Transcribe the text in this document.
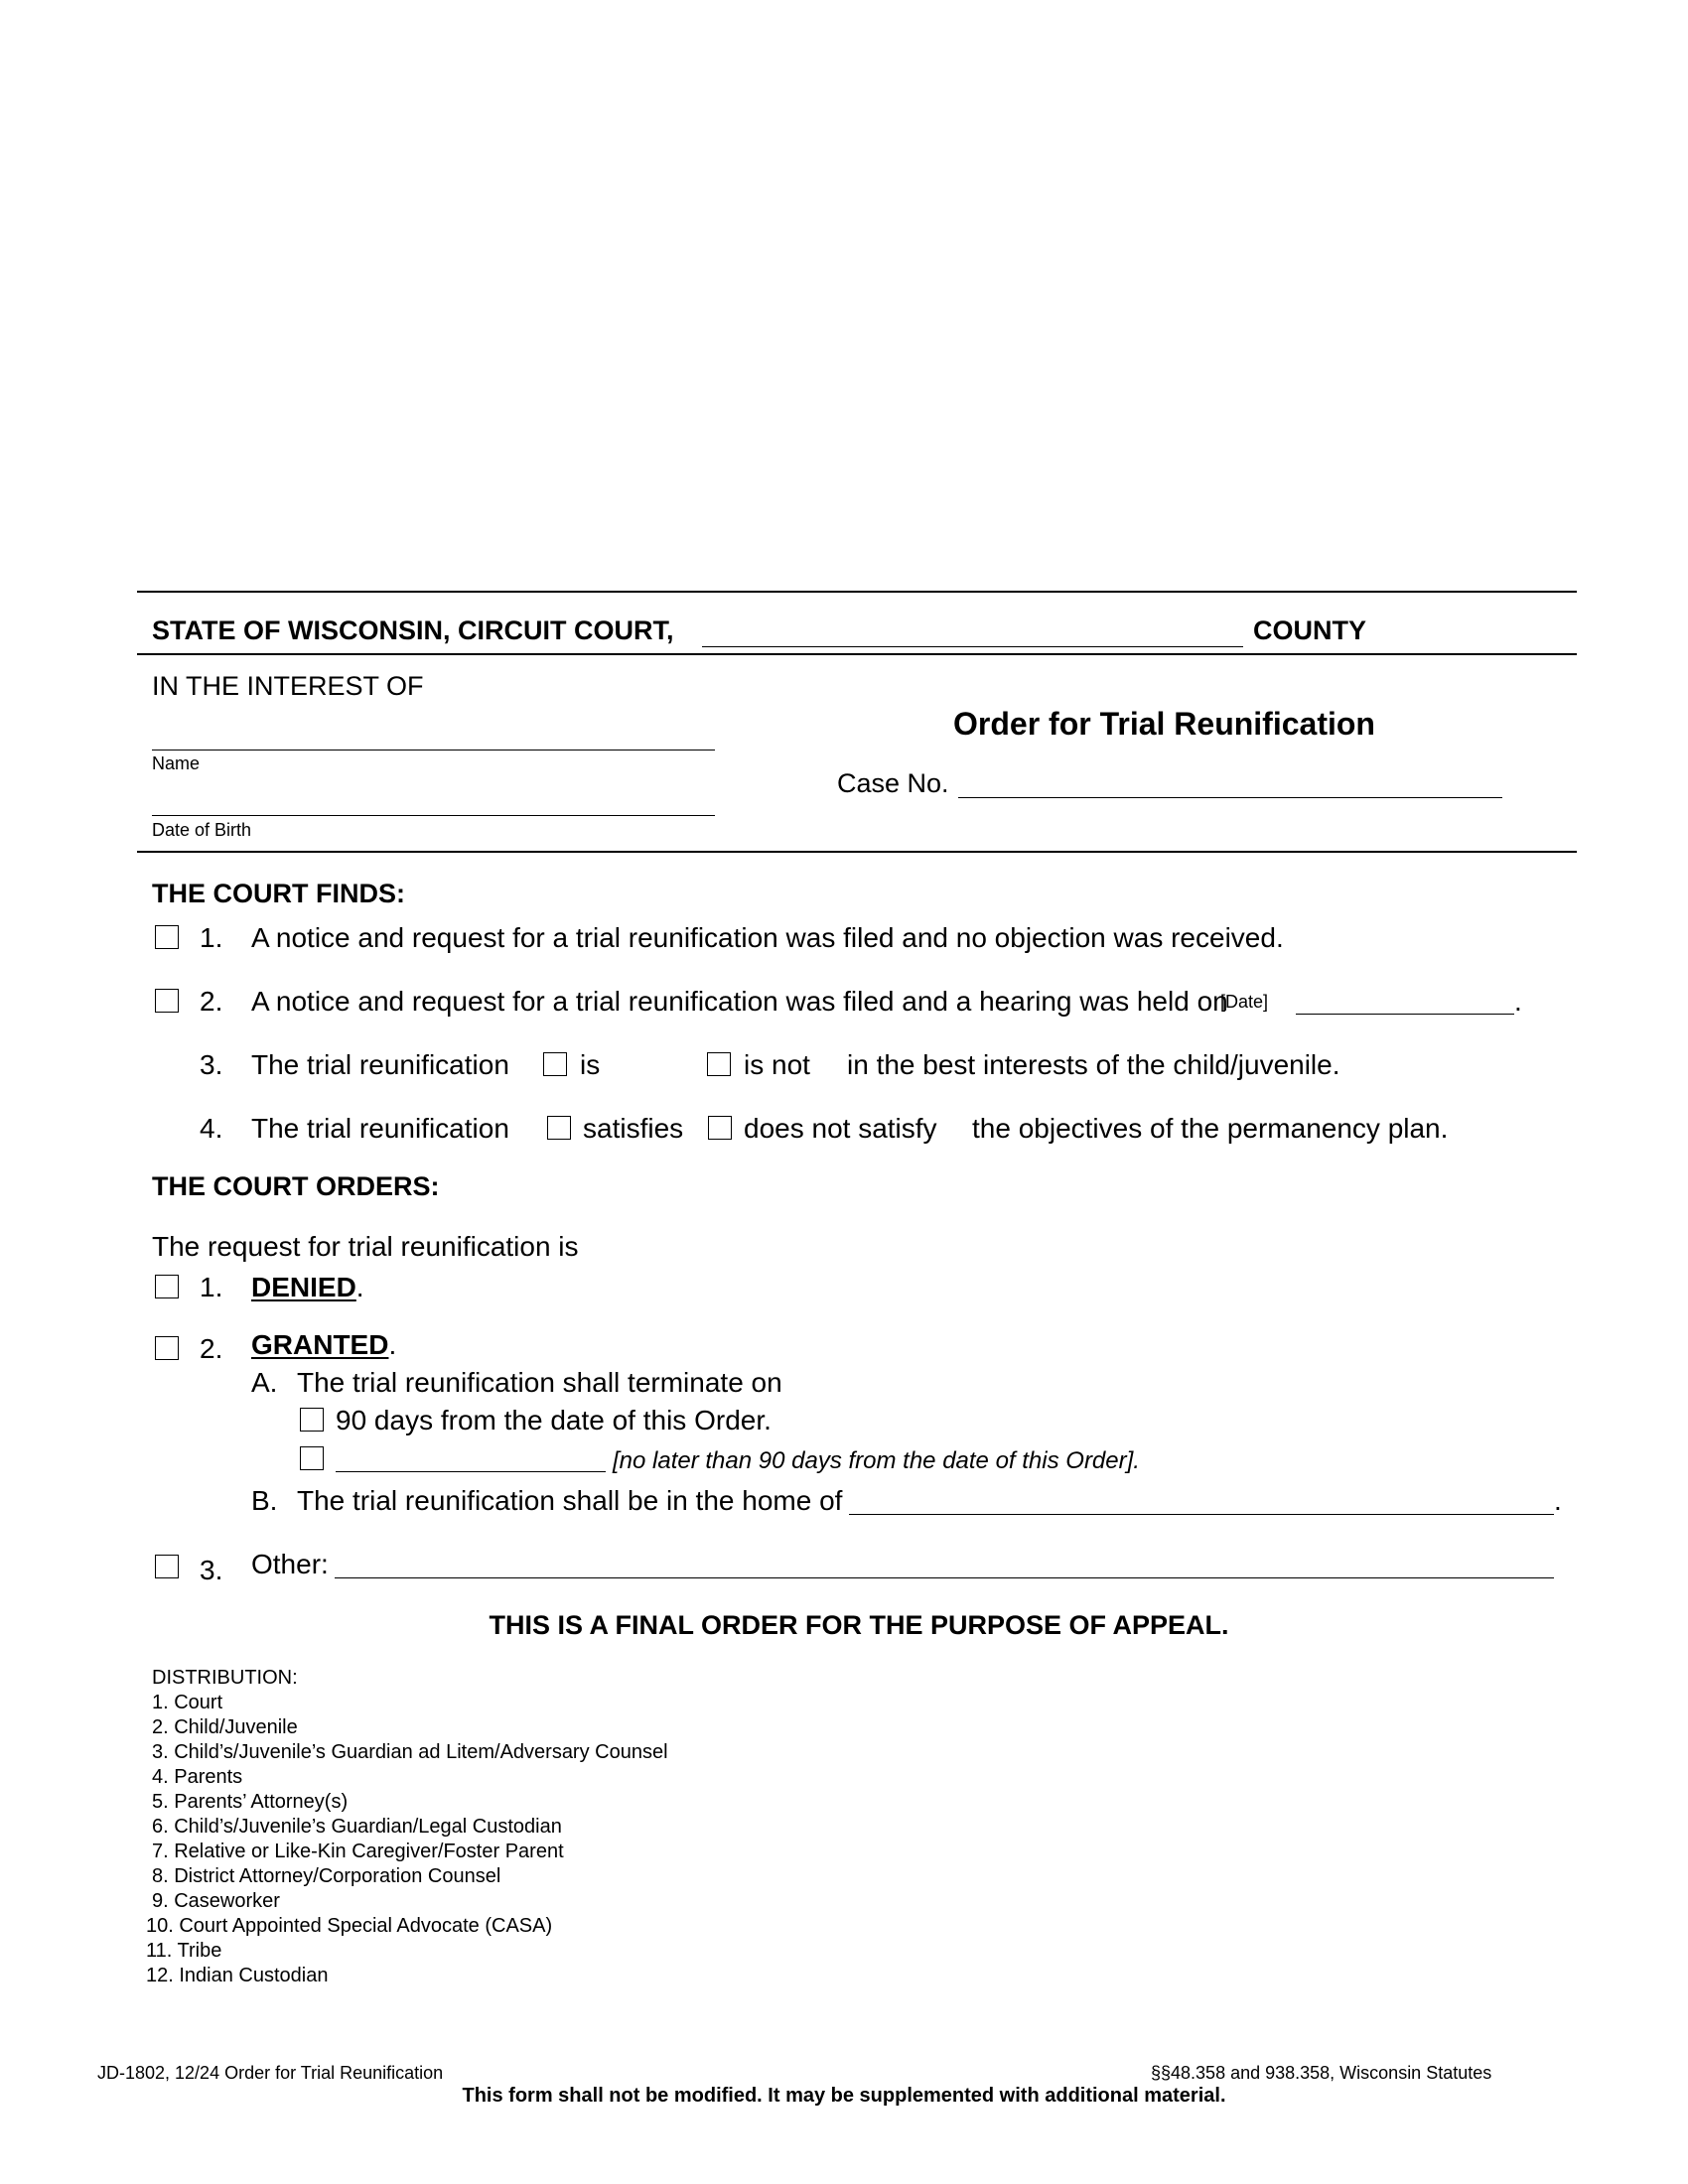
STATE OF WISCONSIN, CIRCUIT COURT,	COUNTY
IN THE INTEREST OF
Name
Date of Birth
Order for Trial Reunification
Case No.
THE COURT FINDS:
1. A notice and request for a trial reunification was filed and no objection was received.
2. A notice and request for a trial reunification was filed and a hearing was held on
[Date]	.
3. The trial reunification	is	is not in the best interests of the child/juvenile.
4. The trial reunification	satisfies does not satisfy the objectives of the permanency plan.
THE COURT ORDERS:
The request for trial reunification is
1. DENIED.
2. GRANTED.
A. The trial reunification shall terminate on
90 days from the date of this Order.
[no later than 90 days from the date of this Order].
B. The trial reunification shall be in the home of	.
3. Other:
THIS IS A FINAL ORDER FOR THE PURPOSE OF APPEAL.
DISTRIBUTION:
1. Court
2. Child/Juvenile
3. Child’s/Juvenile’s Guardian ad Litem/Adversary Counsel
4. Parents
5. Parents’ Attorney(s)
6. Child’s/Juvenile’s Guardian/Legal Custodian
7. Relative or Like-Kin Caregiver/Foster Parent
8. District Attorney/Corporation Counsel
9. Caseworker
10. Court Appointed Special Advocate (CASA)
11. Tribe
12. Indian Custodian
JD-1802, 12/24 Order for Trial Reunification	§§48.358 and 938.358, Wisconsin Statutes
This form shall not be modified. It may be supplemented with additional material.
